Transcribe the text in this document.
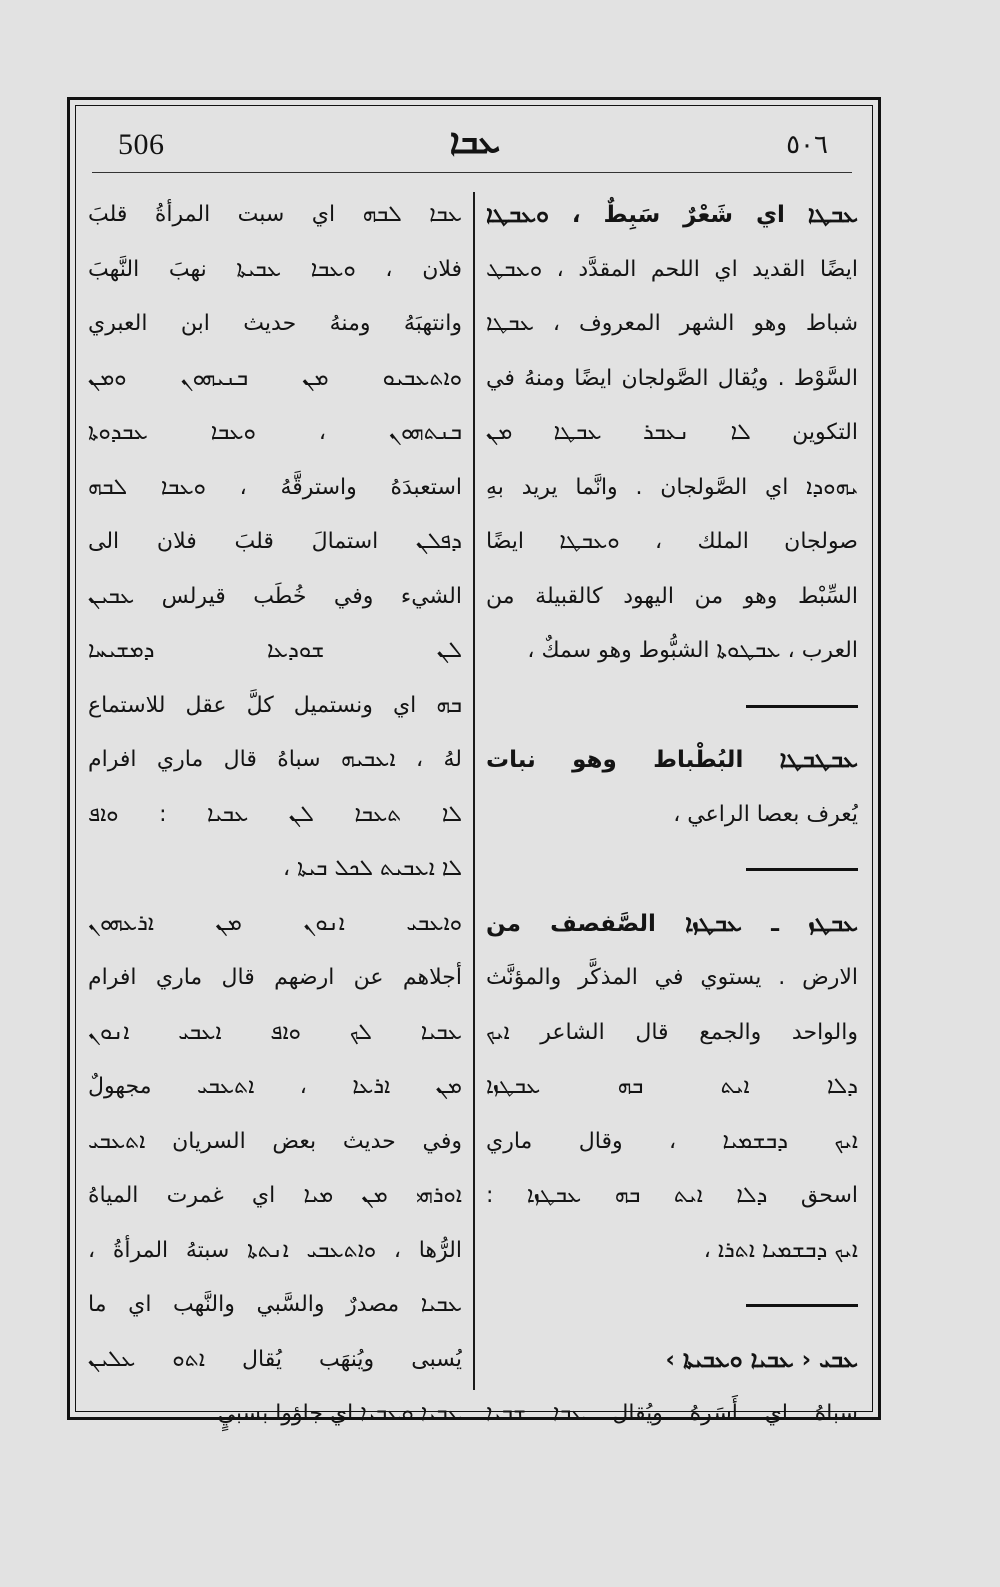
506	ܥܒܐ	٥٠٦
ܥܒܛܐ اي شَعْرٌ سَبِطٌ ، ܘܥܒܛܐ
ايضًا القديد اي اللحم المقدَّد ، ܘܥܒܛ
شباط وهو الشهر المعروف ، ܥܒܛܐ
السَّوْط . ويُقال الصَّولجان ايضًا ومنهُ في
التكوين ܠܐ ܢܥܒܪ ܥܒܛܐ ܡܢ
ܝܗܘܕܐ اي الصَّولجان . وانَّما يريد بهِ
صولجان الملك ، ܘܥܒܛܐ ايضًا
السِّبْط وهو من اليهود كالقبيلة من
العرب ، ܥܒܛܘܬܐ الشبُّوط وهو سمكٌ ،
ܥܒܛܒܛܐ البُطْباط وهو نبات
يُعرف بعصا الراعي ،
ܥܒܛܙ ـ ܥܒܛܙܐ الصَّفصف من
الارض . يستوي في المذكَّر والمؤنَّث
والواحد والجمع قال الشاعر ܐܝܟ
ܕܠܐ ܐܝܬ ܒܗ ܥܒܛܙܐ
ܐܝܟ ܕܒܫܡܝܐ ، وقال ماري
اسحق ܕܠܐ ܐܝܬ ܒܗ ܥܒܛܙܐ :
ܐܝܟ ܕܒܫܡܝܐ ܐܬܪܐ ،
ܥܒܝ ‹ ܥܒܝܐ ܘܥܒܝܬܐ ›
سباهُ اي أَسَرهُ ويُقال ܥܒܐ ܫܒܝܐ
ܥܒܐ ܠܒܗ اي سبت المرأةُ قلبَ
فلان ، ܘܥܒܐ ܥܒܝܬܐ نهبَ النَّهبَ
وانتهبَهُ ومنهُ حديث ابن العبري
ܘܐܬܥܒܝܘ ܡܢ ܒܢܝܗܘܢ ܘܡܢ
ܒܢܬܗܘܢ ، ܘܥܒܐ ܥܒܕܘܬܐ
استعبدَهُ واسترقَّهُ ، ܘܥܒܐ ܠܒܗ
ܕܦܠܢ استمالَ قلبَ فلان الى
الشيء وفي خُطَب قيرلس ܥܒܝܢ
ܠܢ ܫܘܕܥܐ ܕܡܫܝܚܐ
ܒܗ اي ونستميل كلَّ عقل للاستماع
لهُ ، ܐܥܒܝܗ سباهُ قال ماري افرام
ܠܐ ܬܥܒܐ ܠܢ ܥܒܝܐ : ܘܐܦ
ܠܐ ܐܥܒܝܬ ܠܟܠ ܒܝܬܐ ،
ܘܐܥܒܝ ܐܢܘܢ ܡܢ ܐܪܥܗܘܢ
أجلاهم عن ارضهم قال ماري افرام
ܥܒܝܐ ܠܟ ܘܐܦ ܐܥܒܝ ܐܢܘܢ
ܡܢ ܐܪܥܐ ، ܐܬܥܒܝ مجهولٌ
وفي حديث بعض السريان ܐܬܥܒܝ
ܐܘܪܗܝ ܡܢ ܡܝܐ اي غمرت المياهُ
الرُّها ، ܘܐܬܥܒܝ ܐܢܬܬܐ سبتهُ المرأةُ ،
ܥܒܝܐ مصدرٌ والسَّبي والنَّهب اي ما
يُسبى ويُنهَب يُقال ܐܬܘ ܥܠܝܢ
ܥܒܝܐ ܘܥܒܝܐ اي جاؤوا بسبيٍ
